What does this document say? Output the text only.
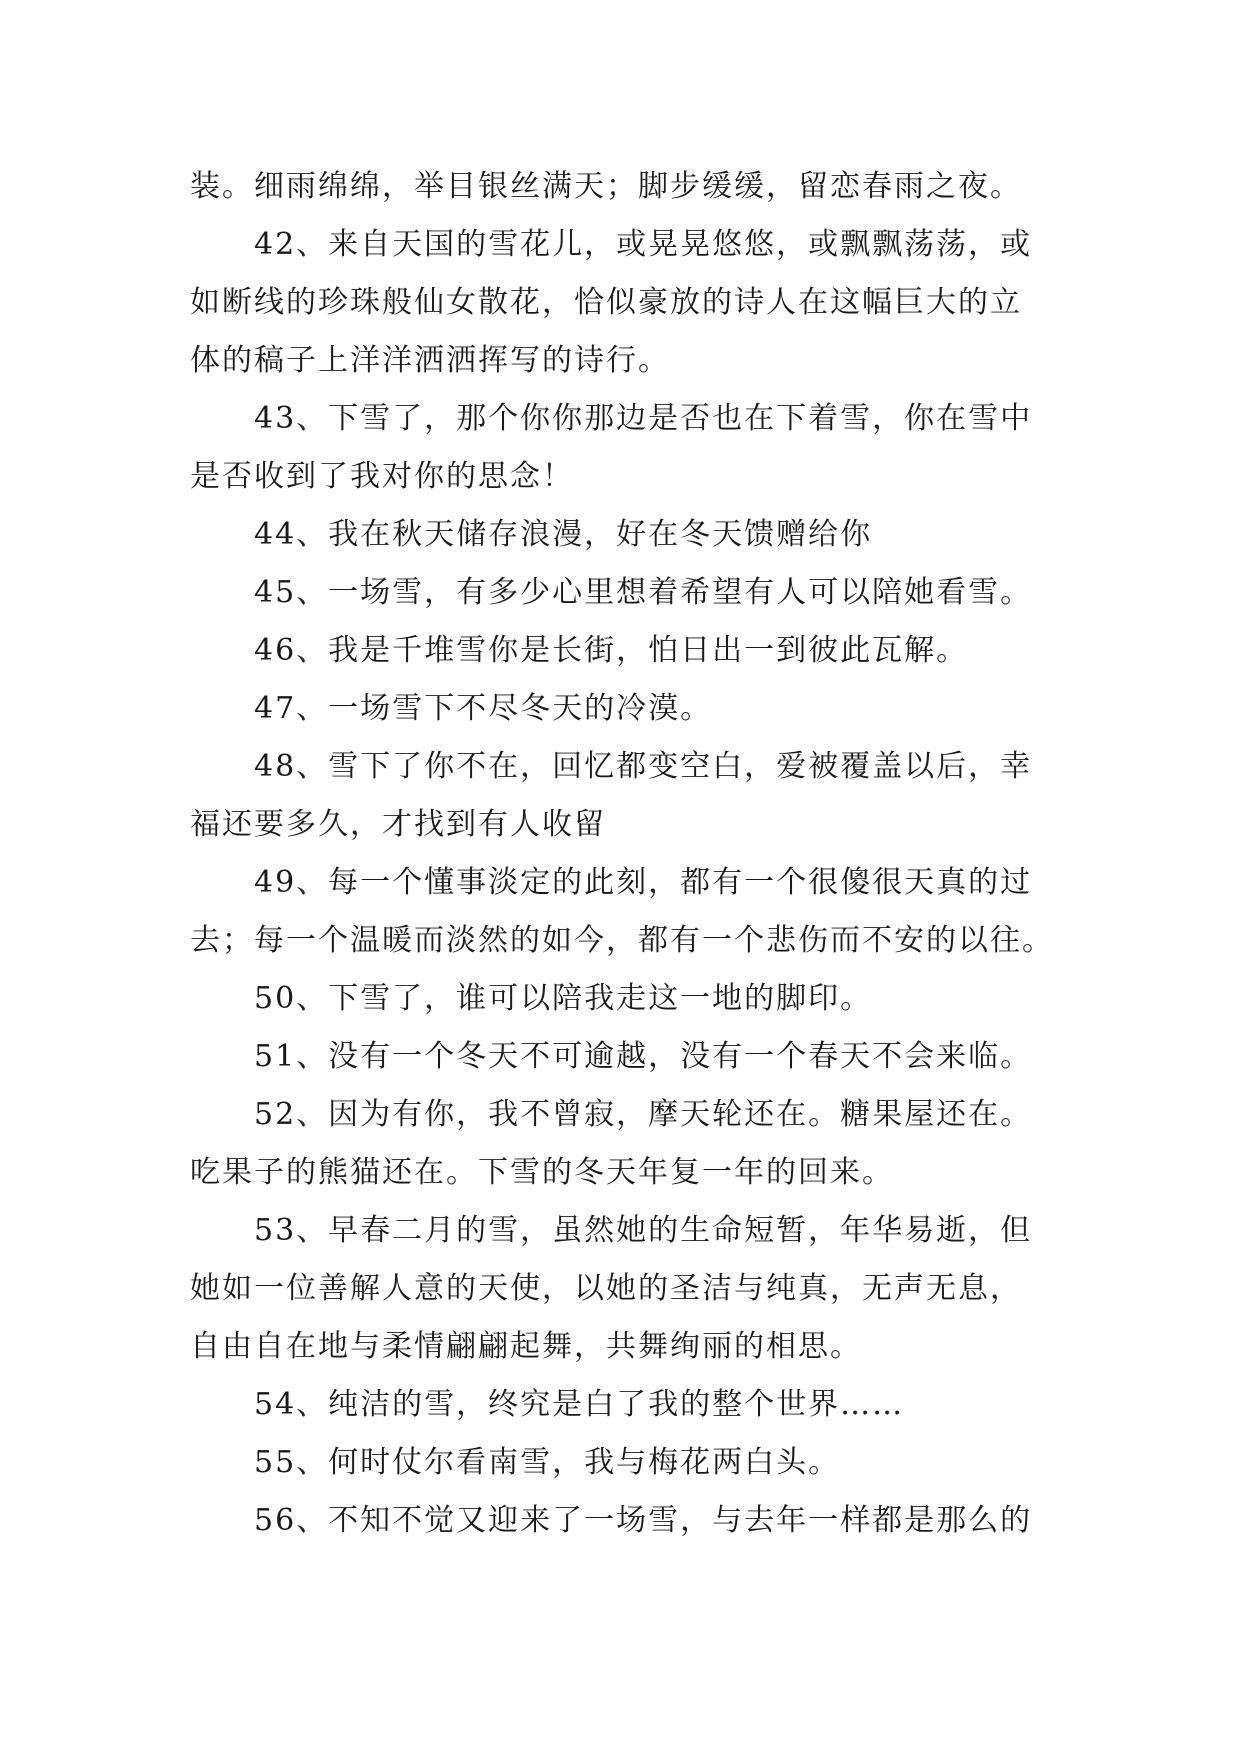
装。细雨绵绵，举目银丝满天；脚步缓缓，留恋春雨之夜。
42、来自天国的雪花儿，或晃晃悠悠，或飘飘荡荡，或
如断线的珍珠般仙女散花，恰似豪放的诗人在这幅巨大的立
体的稿子上洋洋洒洒挥写的诗行。
43、下雪了，那个你你那边是否也在下着雪，你在雪中
是否收到了我对你的思念！
44、我在秋天储存浪漫，好在冬天馈赠给你
45、一场雪，有多少心里想着希望有人可以陪她看雪。
46、我是千堆雪你是长街，怕日出一到彼此瓦解。
47、一场雪下不尽冬天的冷漠。
48、雪下了你不在，回忆都变空白，爱被覆盖以后，幸
福还要多久，才找到有人收留
49、每一个懂事淡定的此刻，都有一个很傻很天真的过
去；每一个温暖而淡然的如今，都有一个悲伤而不安的以往。
50、下雪了，谁可以陪我走这一地的脚印。
51、没有一个冬天不可逾越，没有一个春天不会来临。
52、因为有你，我不曾寂，摩天轮还在。糖果屋还在。
吃果子的熊猫还在。下雪的冬天年复一年的回来。
53、早春二月的雪，虽然她的生命短暂，年华易逝，但
她如一位善解人意的天使，以她的圣洁与纯真，无声无息，
自由自在地与柔情翩翩起舞，共舞绚丽的相思。
54、纯洁的雪，终究是白了我的整个世界……
55、何时仗尔看南雪，我与梅花两白头。
56、不知不觉又迎来了一场雪，与去年一样都是那么的
